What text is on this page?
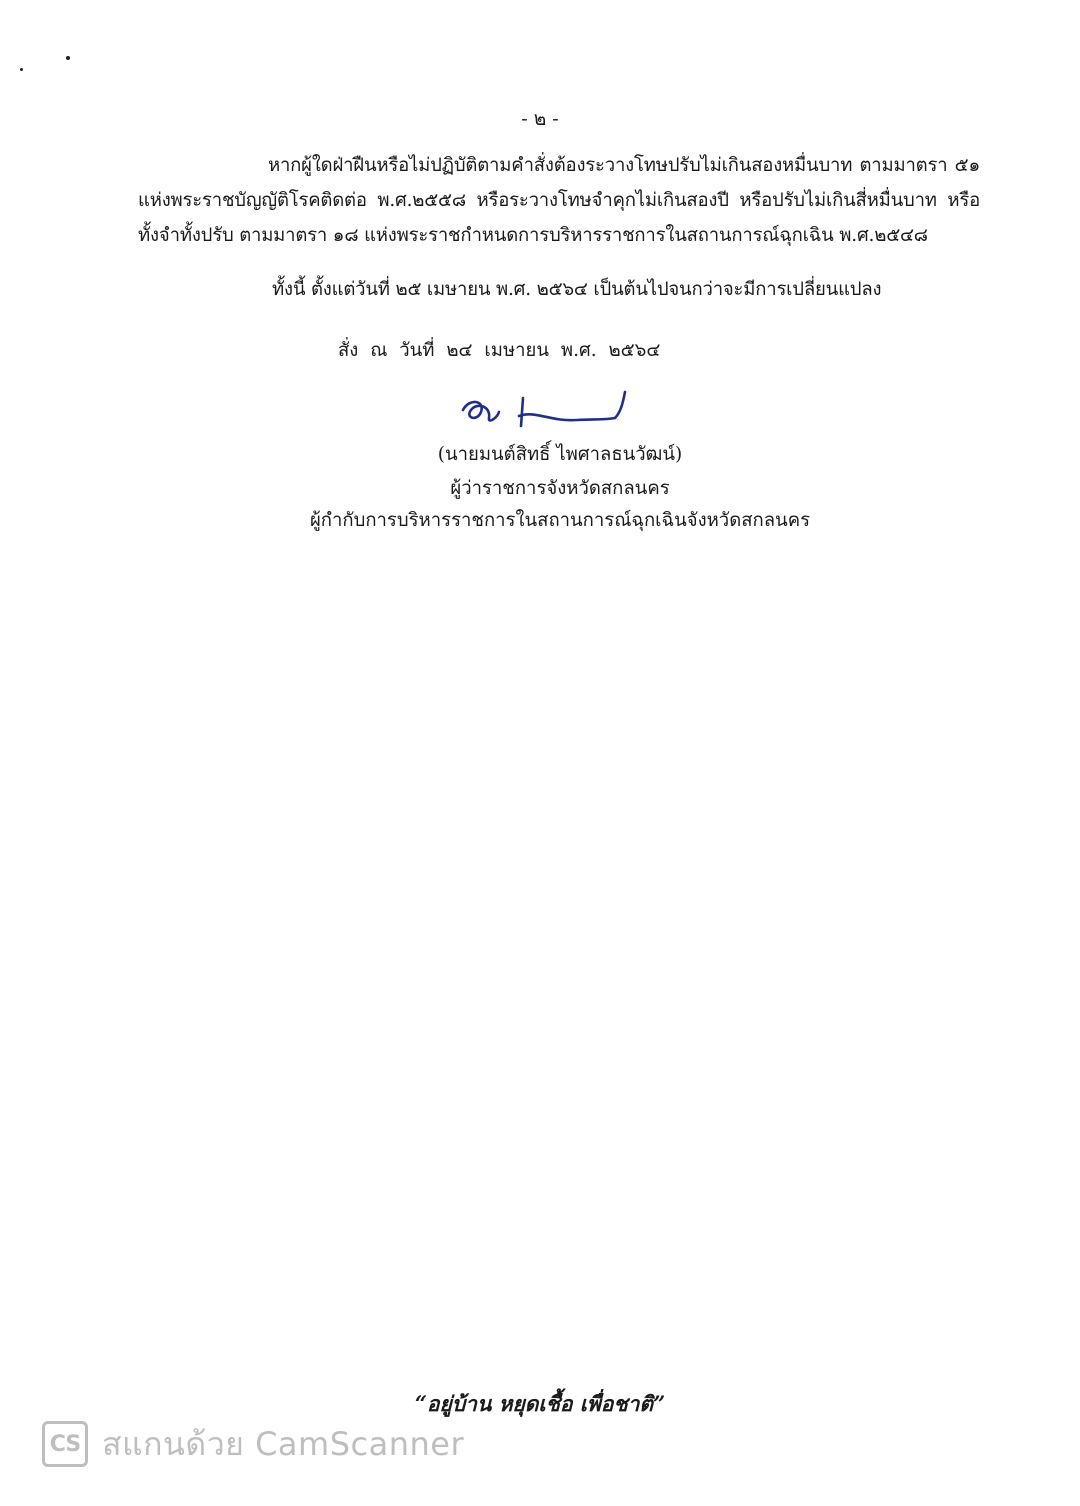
- ๒ -
หากผู้ใดฝ่าฝืนหรือไม่ปฏิบัติตามคำสั่งต้องระวางโทษปรับไม่เกินสองหมื่นบาท ตามมาตรา ๕๑ แห่งพระราชบัญญัติโรคติดต่อ พ.ศ.๒๕๕๘ หรือระวางโทษจำคุกไม่เกินสองปี หรือปรับไม่เกินสี่หมื่นบาท หรือทั้งจำทั้งปรับ ตามมาตรา ๑๘ แห่งพระราชกำหนดการบริหารราชการในสถานการณ์ฉุกเฉิน พ.ศ.๒๕๔๘
ทั้งนี้ ตั้งแต่วันที่ ๒๕ เมษายน พ.ศ. ๒๕๖๔ เป็นต้นไปจนกว่าจะมีการเปลี่ยนแปลง
สั่ง ณ วันที่ ๒๔ เมษายน พ.ศ. ๒๕๖๔
(นายมนต์สิทธิ์ ไพศาลธนวัฒน์)
ผู้ว่าราชการจังหวัดสกลนคร
ผู้กำกับการบริหารราชการในสถานการณ์ฉุกเฉินจังหวัดสกลนคร
“อยู่บ้าน หยุดเชื้อ เพื่อชาติ”
CS สแกนด้วย CamScanner
